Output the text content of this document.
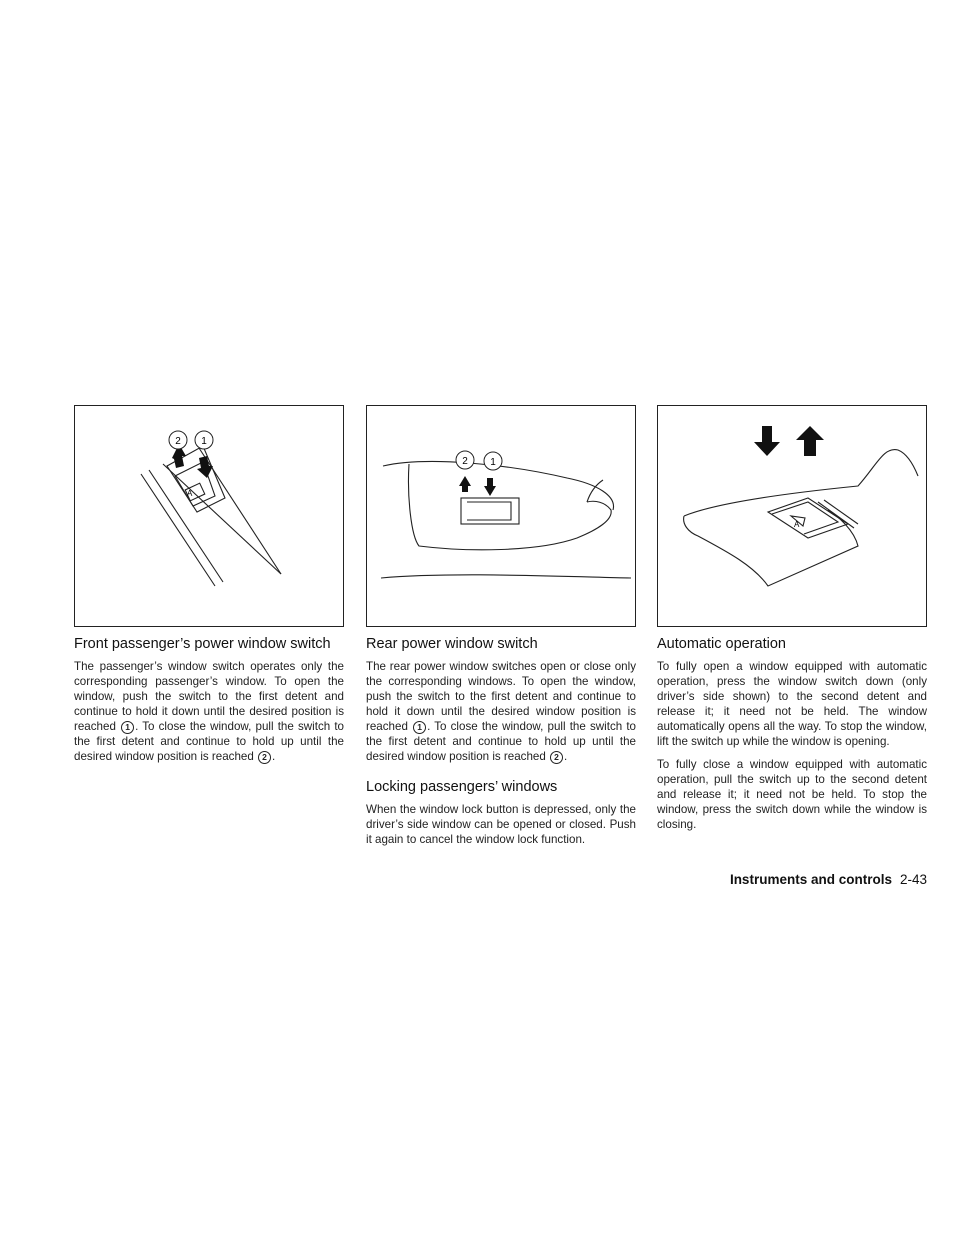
A
2 1
Front passenger’s power window switch

The passenger’s window switch operates only the corresponding passenger’s window. To open the window, push the switch to the first detent and continue to hold it down until the desired position is reached 1 . To close the window, pull the switch to the first detent and continue to hold up until the desired window position is reached 2 .

2 1
Rear power window switch

The rear power window switches open or close only the corresponding windows. To open the window, push the switch to the first detent and continue to hold it down until the desired window position is reached 1 . To close the window, pull the switch to the first detent and continue to hold up until the desired window position is reached 2 .

Locking passengers’ windows

When the window lock button is depressed, only the driver’s side window can be opened or closed. Push it again to cancel the window lock function.

A
Automatic operation

To fully open a window equipped with automatic operation, press the window switch down (only driver’s side shown) to the second detent and release it; it need not be held. The window automatically opens all the way. To stop the window, lift the switch up while the window is opening.

To fully close a window equipped with automatic operation, pull the switch up to the second detent and release it; it need not be held. To stop the window, press the switch down while the window is closing.

Instruments and controls 2-43
